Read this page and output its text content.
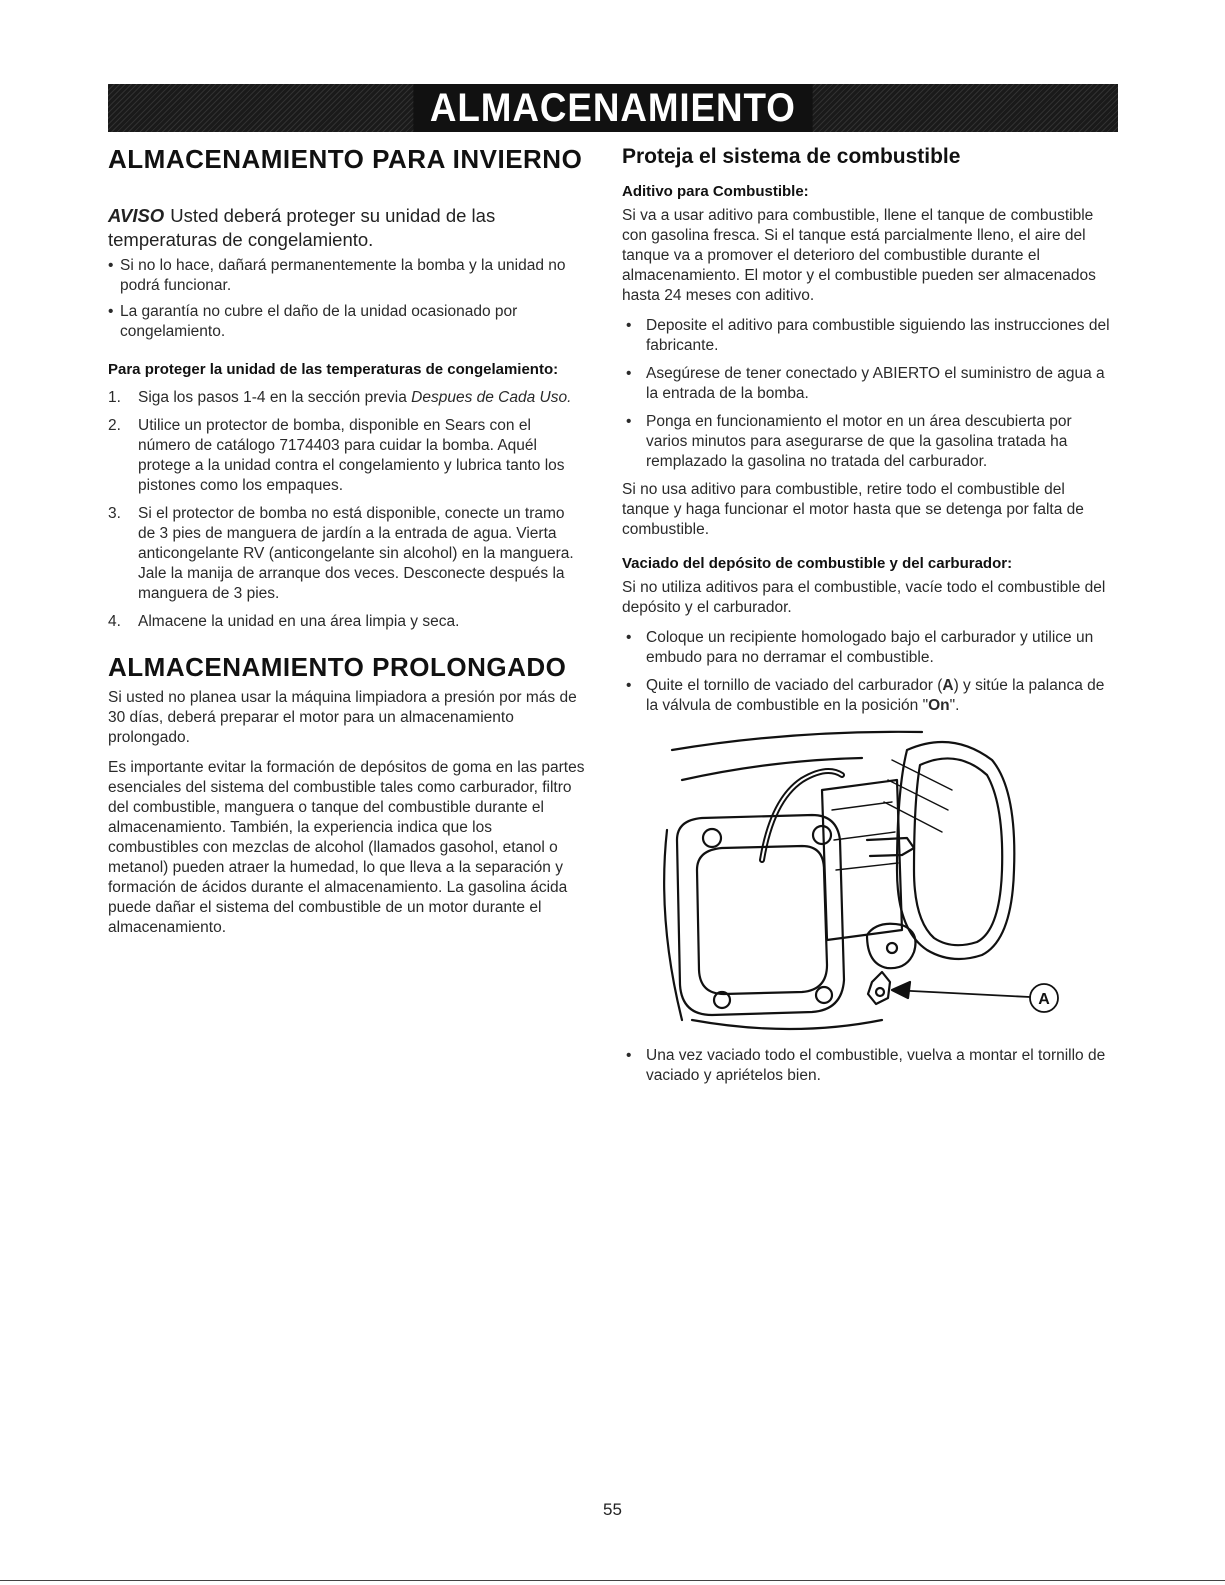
ALMACENAMIENTO
ALMACENAMIENTO PARA INVIERNO

AVISO Usted deberá proteger su unidad de las temperaturas de congelamiento.

• Si no lo hace, dañará permanentemente la bomba y la unidad no podrá funcionar.
• La garantía no cubre el daño de la unidad ocasionado por congelamiento.
Para proteger la unidad de las temperaturas de congelamiento:
1. Siga los pasos 1-4 en la sección previa Despues de Cada Uso.
2. Utilice un protector de bomba, disponible en Sears con el número de catálogo 7174403 para cuidar la bomba. Aquél protege a la unidad contra el congelamiento y lubrica tanto los pistones como los empaques.
3. Si el protector de bomba no está disponible, conecte un tramo de 3 pies de manguera de jardín a la entrada de agua. Vierta anticongelante RV (anticongelante sin alcohol) en la manguera. Jale la manija de arranque dos veces. Desconecte después la manguera de 3 pies.
4. Almacene la unidad en una área limpia y seca.
ALMACENAMIENTO PROLONGADO

Si usted no planea usar la máquina limpiadora a presión por más de 30 días, deberá preparar el motor para un almacenamiento prolongado.

Es importante evitar la formación de depósitos de goma en las partes esenciales del sistema del combustible tales como carburador, filtro del combustible, manguera o tanque del combustible durante el almacenamiento. También, la experiencia indica que los combustibles con mezclas de alcohol (llamados gasohol, etanol o metanol) pueden atraer la humedad, lo que lleva a la separación y formación de ácidos durante el almacenamiento. La gasolina ácida puede dañar el sistema del combustible de un motor durante el almacenamiento.

Proteja el sistema de combustible
Aditivo para Combustible:

Si va a usar aditivo para combustible, llene el tanque de combustible con gasolina fresca. Si el tanque está parcialmente lleno, el aire del tanque va a promover el deterioro del combustible durante el almacenamiento. El motor y el combustible pueden ser almacenados hasta 24 meses con aditivo.

• Deposite el aditivo para combustible siguiendo las instrucciones del fabricante.
• Asegúrese de tener conectado y ABIERTO el suministro de agua a la entrada de la bomba.
• Ponga en funcionamiento el motor en un área descubierta por varios minutos para asegurarse de que la gasolina tratada ha remplazado la gasolina no tratada del carburador.

Si no usa aditivo para combustible, retire todo el combustible del tanque y haga funcionar el motor hasta que se detenga por falta de combustible.

Vaciado del depósito de combustible y del carburador:

Si no utiliza aditivos para el combustible, vacíe todo el combustible del depósito y el carburador.

• Coloque un recipiente homologado bajo el carburador y utilice un embudo para no derramar el combustible.
• Quite el tornillo de vaciado del carburador (A) y sitúe la palanca de la válvula de combustible en la posición "On".
A
• Una vez vaciado todo el combustible, vuelva a montar el tornillo de vaciado y apriételos bien.
55
